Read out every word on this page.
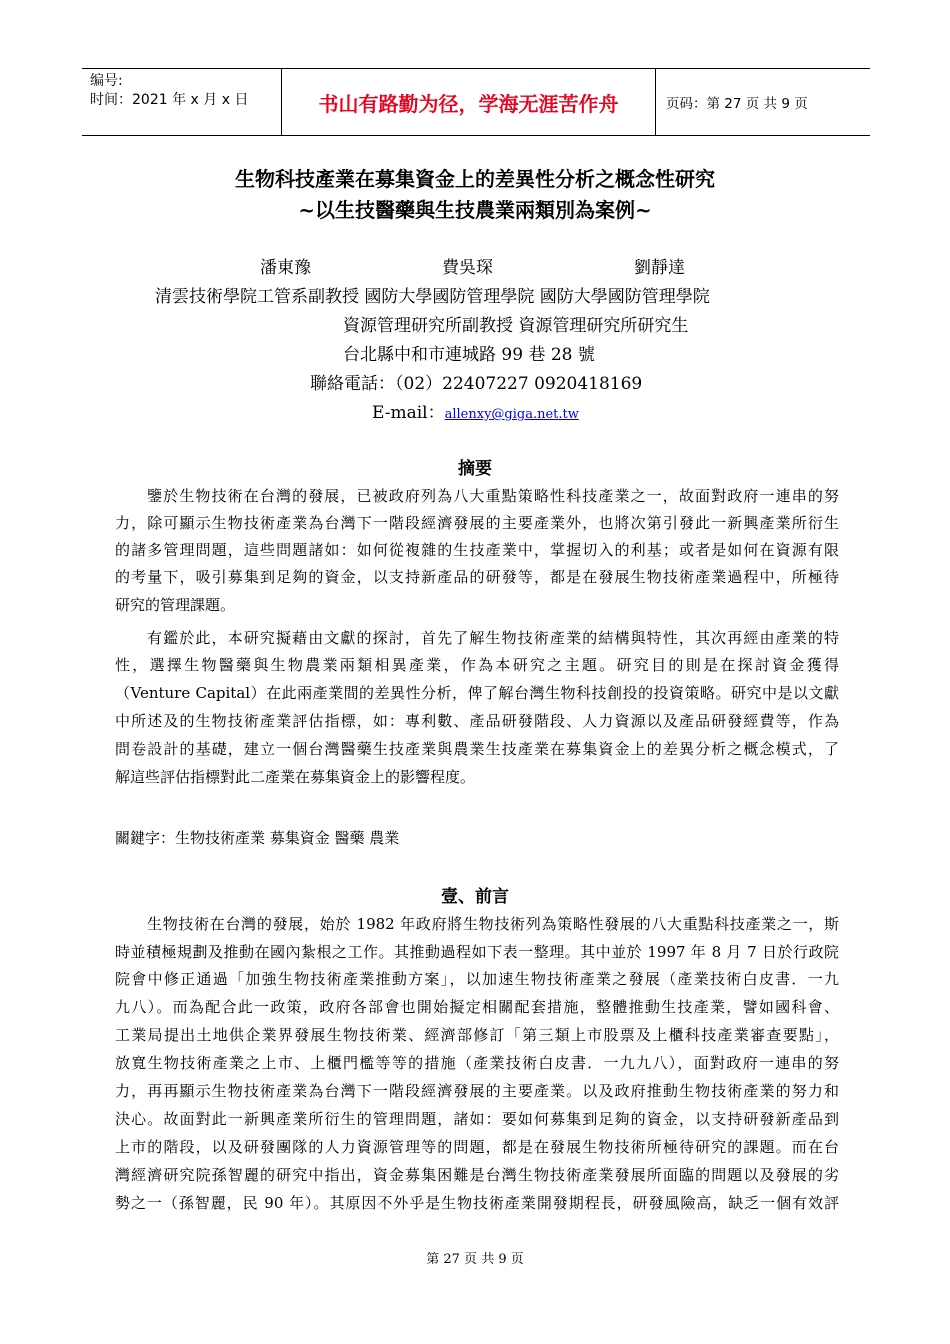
编号:
时间：2021 年 x 月 x 日	书山有路勤为径，学海无涯苦作舟	页码：第 27 页 共 9 页
生物科技產業在募集資金上的差異性分析之概念性研究
~以生技醫藥與生技農業兩類別為案例~
潘東豫	費吳琛	劉靜達
清雲技術學院工管系副教授 國防大學國防管理學院 國防大學國防管理學院
資源管理研究所副教授 資源管理研究所研究生
台北縣中和市連城路 99 巷 28 號
聯絡電話：（02）22407227 0920418169
E-mail：allenxy@giga.net.tw
摘要
鑒於生物技術在台灣的發展，已被政府列為八大重點策略性科技產業之一，故面對政府一連串的努
力，除可顯示生物技術產業為台灣下一階段經濟發展的主要產業外，也將次第引發此一新興產業所衍生
的諸多管理問題，這些問題諸如：如何從複雜的生技產業中，掌握切入的利基；或者是如何在資源有限
的考量下，吸引募集到足夠的資金，以支持新產品的研發等，都是在發展生物技術產業過程中，所極待
研究的管理課題。
有鑑於此，本研究擬藉由文獻的探討，首先了解生物技術產業的結構與特性，其次再經由產業的特
性，選擇生物醫藥與生物農業兩類相異產業，作為本研究之主題。研究目的則是在探討資金獲得
（Venture Capital）在此兩產業間的差異性分析，俾了解台灣生物科技創投的投資策略。研究中是以文獻
中所述及的生物技術產業評估指標，如：專利數、產品研發階段、人力資源以及產品研發經費等，作為
問卷設計的基礎，建立一個台灣醫藥生技產業與農業生技產業在募集資金上的差異分析之概念模式，了
解這些評估指標對此二產業在募集資金上的影響程度。
關鍵字：生物技術產業 募集資金 醫藥 農業
壹、前言
生物技術在台灣的發展，始於 1982 年政府將生物技術列為策略性發展的八大重點科技產業之一，斯
時並積極規劃及推動在國內紮根之工作。其推動過程如下表一整理。其中並於 1997 年 8 月 7 日於行政院
院會中修正通過「加強生物技術產業推動方案」，以加速生物技術產業之發展（產業技術白皮書．一九
九八）。而為配合此一政策，政府各部會也開始擬定相關配套措施，整體推動生技產業，譬如國科會、
工業局提出土地供企業界發展生物技術業、經濟部修訂「第三類上市股票及上櫃科技產業審查要點」，
放寬生物技術產業之上市、上櫃門檻等等的措施（產業技術白皮書．一九九八），面對政府一連串的努
力，再再顯示生物技術產業為台灣下一階段經濟發展的主要產業。以及政府推動生物技術產業的努力和
決心。故面對此一新興產業所衍生的管理問題，諸如：要如何募集到足夠的資金，以支持研發新產品到
上市的階段，以及研發團隊的人力資源管理等的問題，都是在發展生物技術所極待研究的課題。而在台
灣經濟研究院孫智麗的研究中指出，資金募集困難是台灣生物技術產業發展所面臨的問題以及發展的劣
勢之一（孫智麗，民 90 年）。其原因不外乎是生物技術產業開發期程長，研發風險高，缺乏一個有效評
第 27 页 共 9 页
